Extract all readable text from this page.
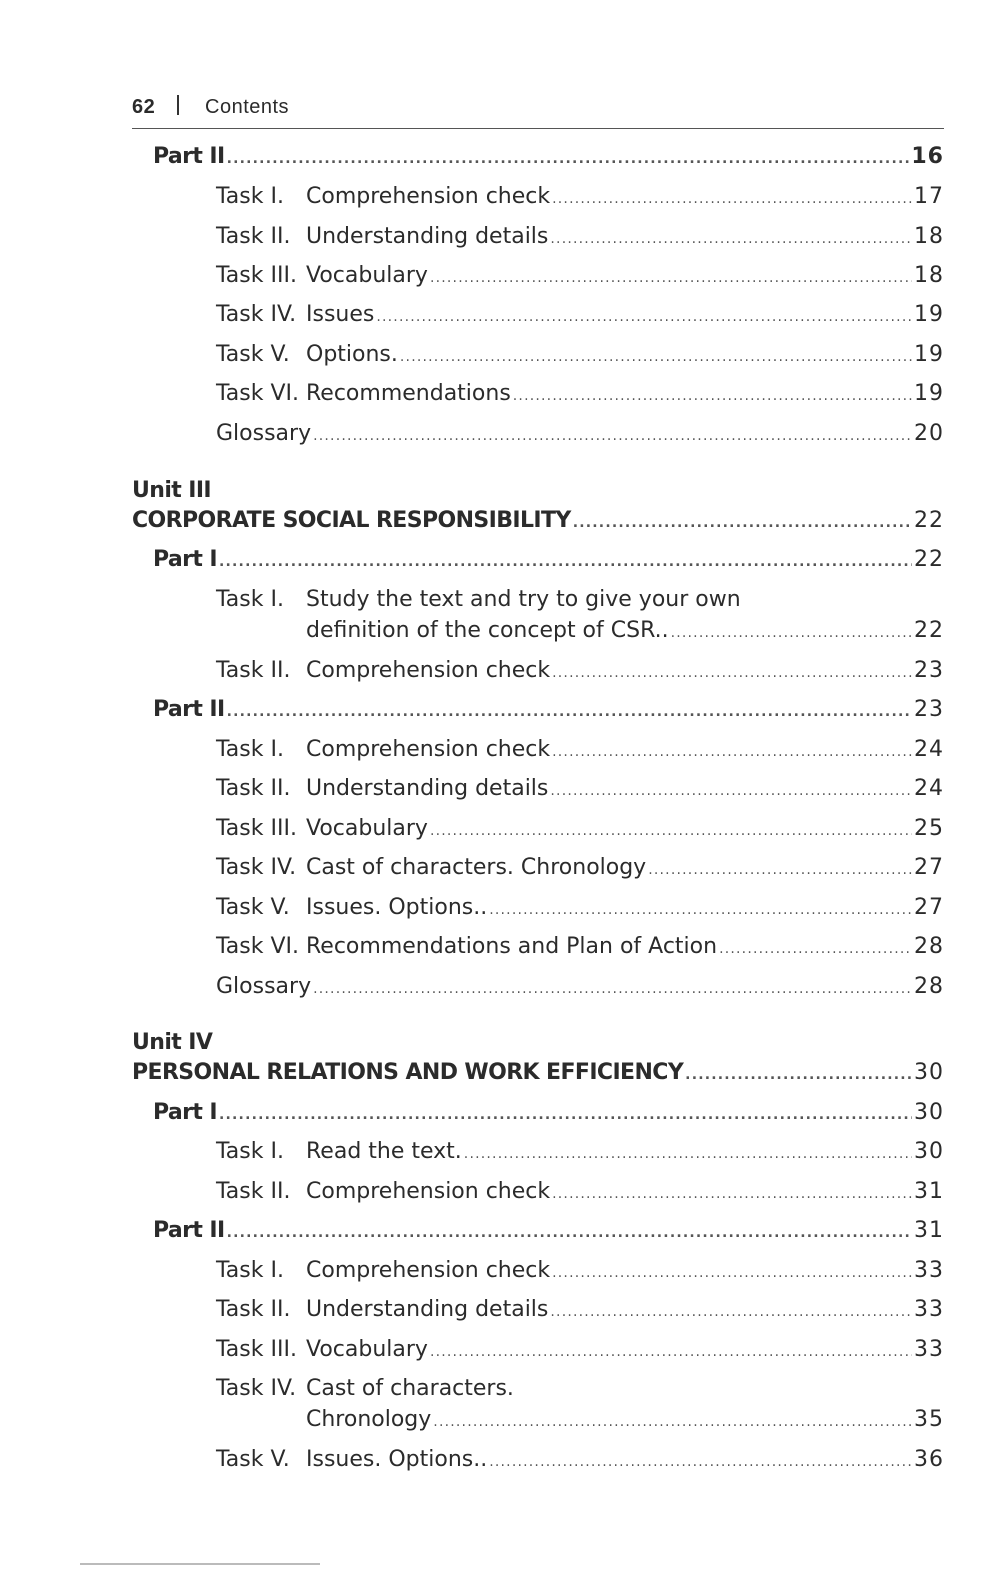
62 Contents
Part II .....	16
Task I. Comprehension check .....	17
Task II. Understanding details .....	18
Task III. Vocabulary .....	18
Task IV. Issues .....	19
Task V. Options. .....	19
Task VI. Recommendations .....	19
Glossary .....	20
Unit III
CORPORATE SOCIAL RESPONSIBILITY .....	22
Part I .....	22
Task I. Study the text and try to give your own
definition of the concept of CSR.. .....	22
Task II. Comprehension check .....	23
Part II .....	23
Task I. Comprehension check .....	24
Task II. Understanding details .....	24
Task III. Vocabulary .....	25
Task IV. Cast of characters. Chronology .....	27
Task V. Issues. Options.. .....	27
Task VI. Recommendations and Plan of Action .....	28
Glossary .....	28
Unit IV
PERSONAL RELATIONS AND WORK EFFICIENCY .....	30
Part I .....	30
Task I. Read the text. .....	30
Task II. Comprehension check .....	31
Part II .....	31
Task I. Comprehension check .....	33
Task II. Understanding details .....	33
Task III. Vocabulary .....	33
Task IV. Cast of characters.
Chronology .....	35
Task V. Issues. Options.. .....	36
